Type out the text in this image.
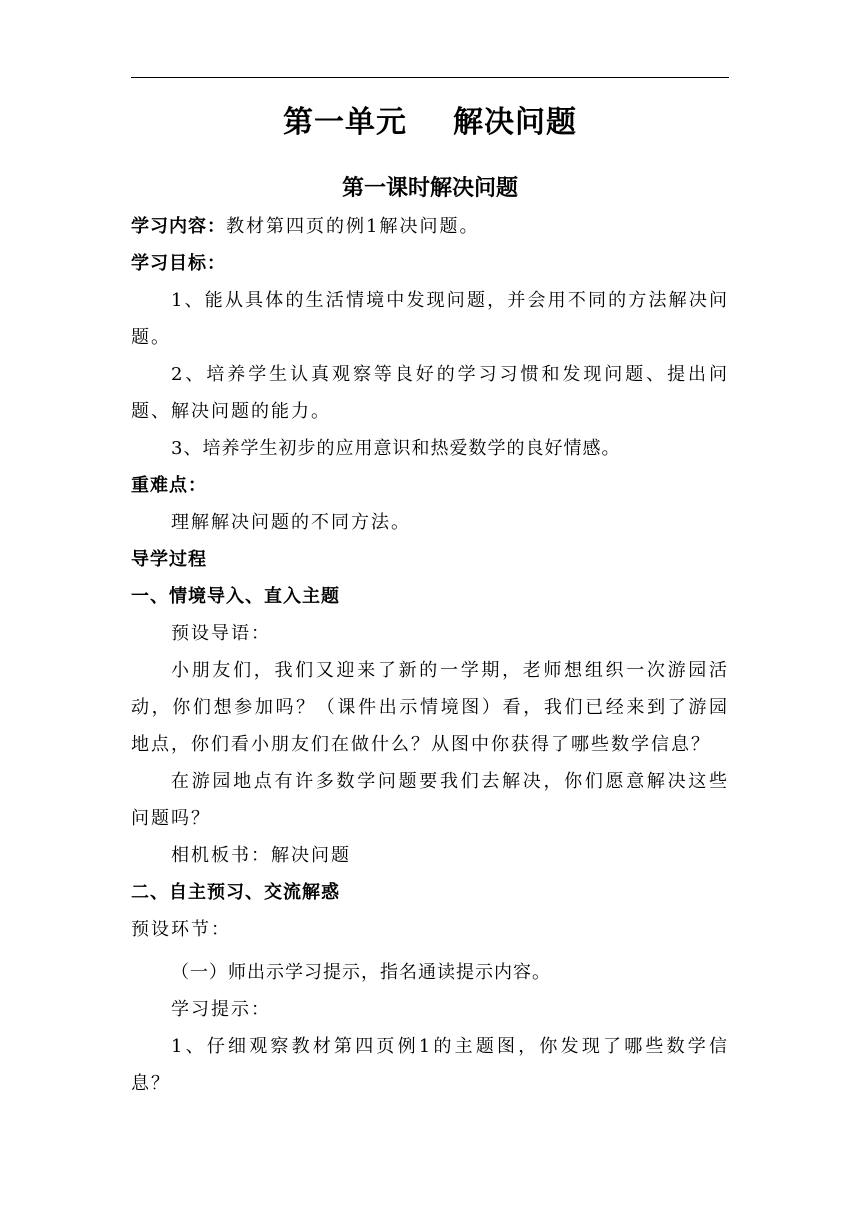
第一单元 解决问题
第一课时解决问题

学习内容：教材第四页的例1解决问题。

学习目标：

1、能从具体的生活情境中发现问题，并会用不同的方法解决问题。

2、培养学生认真观察等良好的学习习惯和发现问题、提出问题、解决问题的能力。

3、培养学生初步的应用意识和热爱数学的良好情感。

重难点：

理解解决问题的不同方法。

导学过程

一、情境导入、直入主题

预设导语：

小朋友们，我们又迎来了新的一学期，老师想组织一次游园活动，你们想参加吗？（课件出示情境图）看，我们已经来到了游园地点，你们看小朋友们在做什么？从图中你获得了哪些数学信息？

在游园地点有许多数学问题要我们去解决，你们愿意解决这些问题吗？

相机板书：解决问题

二、自主预习、交流解惑

预设环节：

（一）师出示学习提示，指名通读提示内容。

学习提示：

1、仔细观察教材第四页例1的主题图，你发现了哪些数学信息？
